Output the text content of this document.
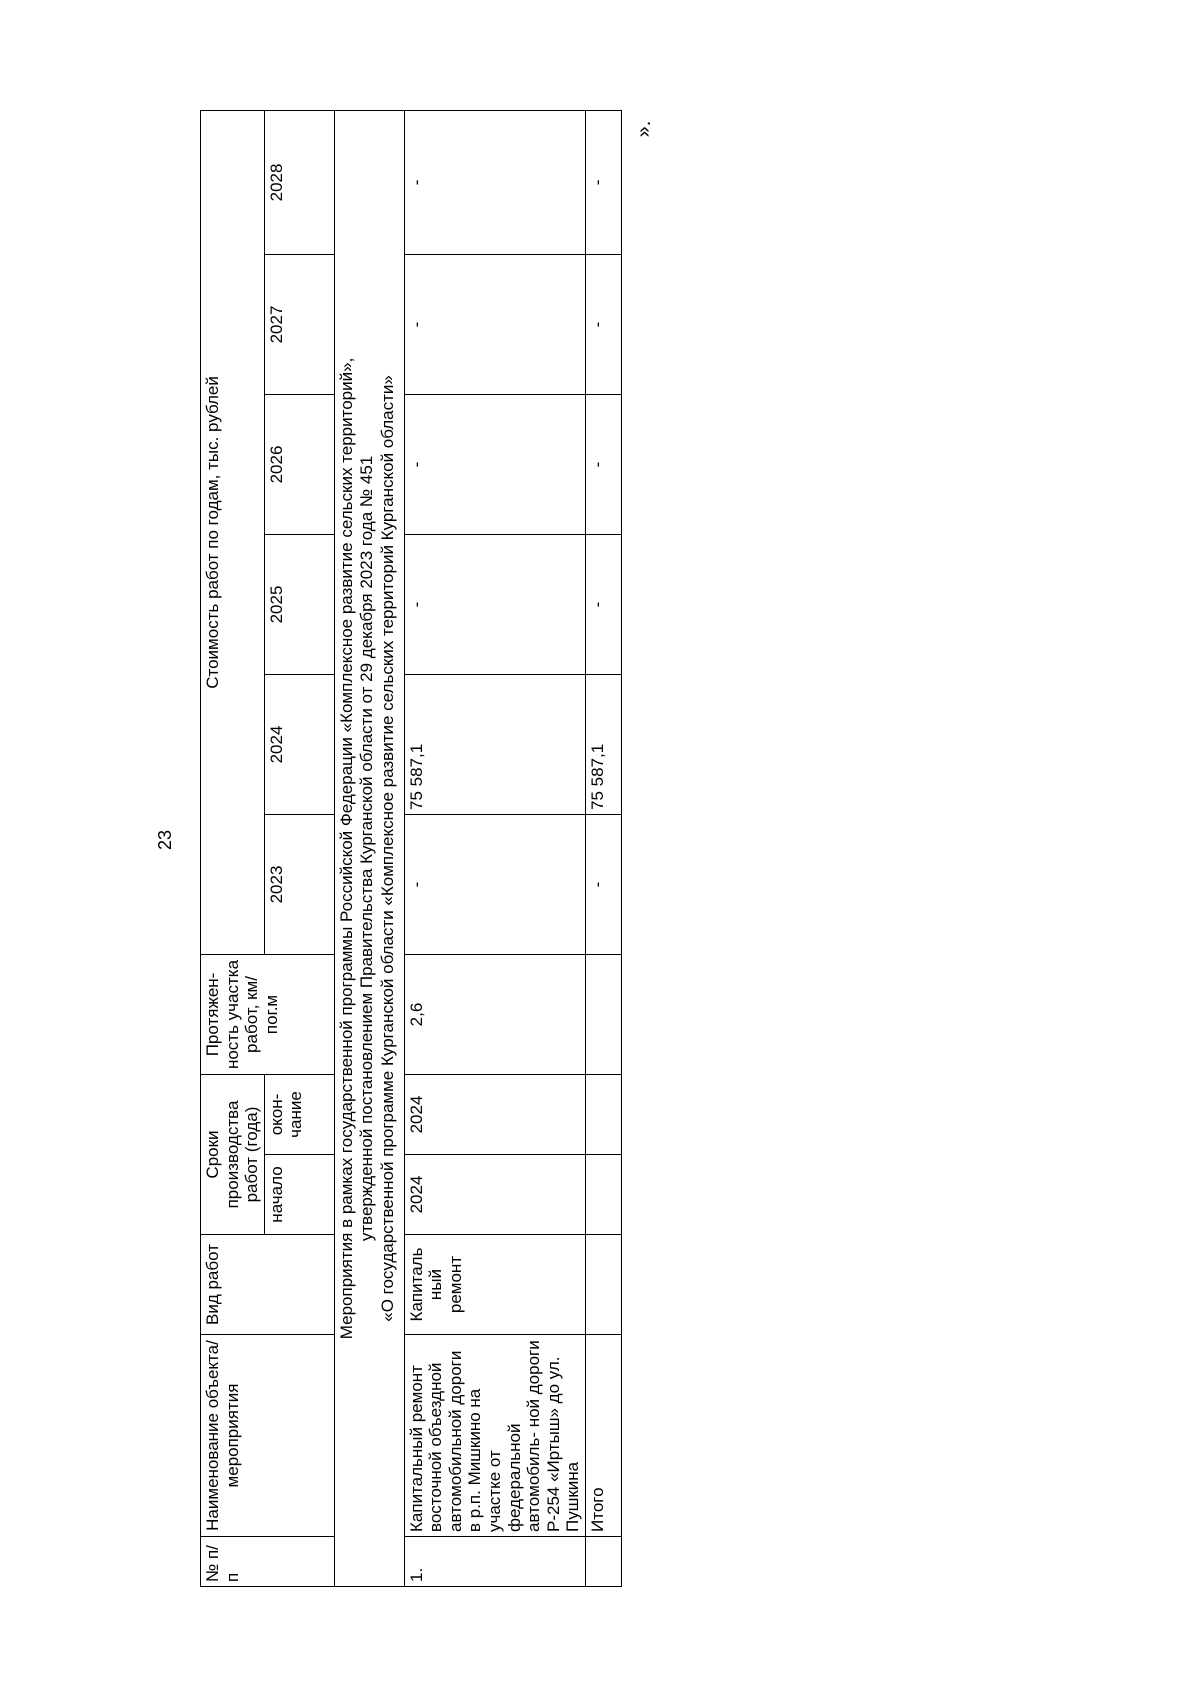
23
№ п/п	Наименование объекта/ мероприятия	Вид работ	Сроки производства работ (года)		Протяжен- ность участка работ, км/пог.м	Стоимость работ по годам, тыс. рублей					
			начало	окон- чание		2023	2024	2025	2026	2027	2028

Мероприятия в рамках государственной программы Российской Федерации «Комплексное развитие сельских территорий», утвержденной постановлением Правительства Курганской области от 29 декабря 2023 года № 451 «О государственной программе Курганской области «Комплексное развитие сельских территорий Курганской области»											

1.	Капитальный ремонт восточной объездной автомобильной дороги в р.п. Мишкино на участке от федеральной автомобиль- ной дороги Р-254 «Иртыш» до ул. Пушкина	Капиталь ный ремонт	2024	2024	2,6	-	75 587,1	-	-	-	-
	Итого					-	75 587,1	-	-	-	-
».
